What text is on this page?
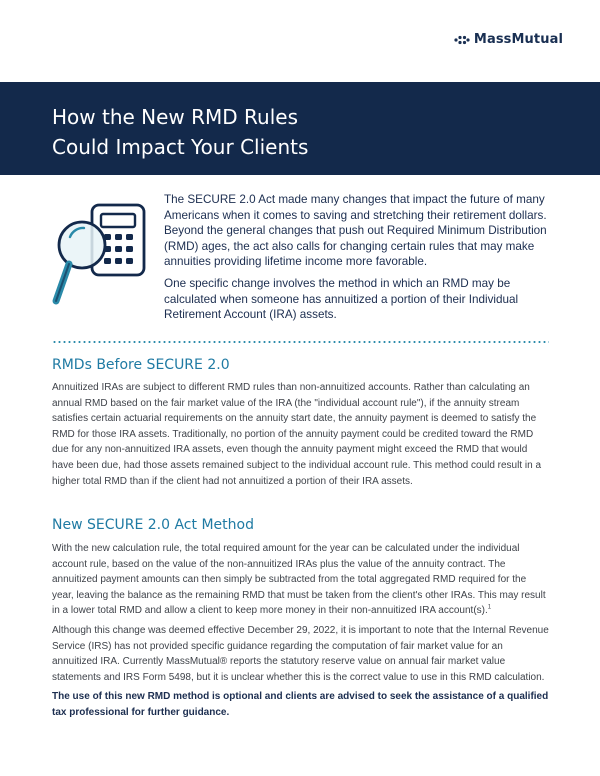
MassMutual
How the New RMD Rules
Could Impact Your Clients

The SECURE 2.0 Act made many changes that impact the future of many Americans when it comes to saving and stretching their retirement dollars. Beyond the general changes that push out Required Minimum Distribution (RMD) ages, the act also calls for changing certain rules that may make annuities providing lifetime income more favorable.

One specific change involves the method in which an RMD may be calculated when someone has annuitized a portion of their Individual Retirement Account (IRA) assets.

RMDs Before SECURE 2.0

Annuitized IRAs are subject to different RMD rules than non-annuitized accounts. Rather than calculating an annual RMD based on the fair market value of the IRA (the "individual account rule"), if the annuity stream satisfies certain actuarial requirements on the annuity start date, the annuity payment is deemed to satisfy the RMD for those IRA assets. Traditionally, no portion of the annuity payment could be credited toward the RMD due for any non-annuitized IRA assets, even though the annuity payment might exceed the RMD that would have been due, had those assets remained subject to the individual account rule. This method could result in a higher total RMD than if the client had not annuitized a portion of their IRA assets.

New SECURE 2.0 Act Method

With the new calculation rule, the total required amount for the year can be calculated under the individual account rule, based on the value of the non-annuitized IRAs plus the value of the annuity contract. The annuitized payment amounts can then simply be subtracted from the total aggregated RMD required for the year, leaving the balance as the remaining RMD that must be taken from the client's other IRAs. This may result in a lower total RMD and allow a client to keep more money in their non-annuitized IRA account(s).$^1$

Although this change was deemed effective December 29, 2022, it is important to note that the Internal Revenue Service (IRS) has not provided specific guidance regarding the computation of fair market value for an annuitized IRA. Currently MassMutual® reports the statutory reserve value on annual fair market value statements and IRS Form 5498, but it is unclear whether this is the correct value to use in this RMD calculation.

The use of this new RMD method is optional and clients are advised to seek the assistance of a qualified tax professional for further guidance.
